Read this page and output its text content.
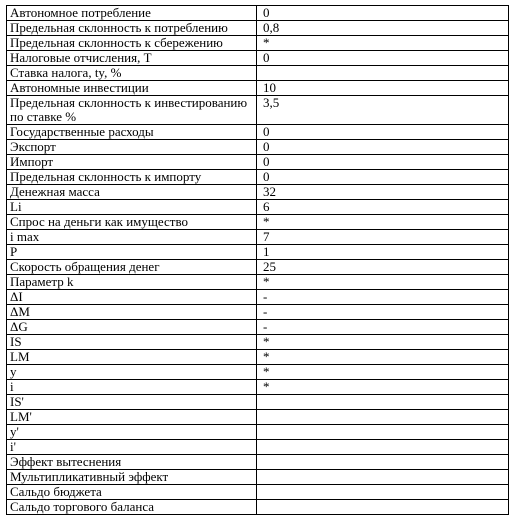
Автономное потребление	0
Предельная склонность к потреблению	0,8
Предельная склонность к сбережению	*
Налоговые отчисления, Т	0
Ставка налога, ty, %	
Автономные инвестиции	10
Предельная склонность к инвестированию по ставке %	3,5
Государственные расходы	0
Экспорт	0
Импорт	0
Предельная склонность к импорту	0
Денежная масса	32
Li	6
Спрос на деньги как имущество	*
i max	7
P	1
Скорость обращения денег	25
Параметр k	*
ΔI	-
ΔM	-
ΔG	-
IS	*
LM	*
y	*
i	*
IS'	
LM'	
y'	
i'	
Эффект вытеснения	
Мультипликативный эффект	
Сальдо бюджета	
Сальдо торгового баланса	
